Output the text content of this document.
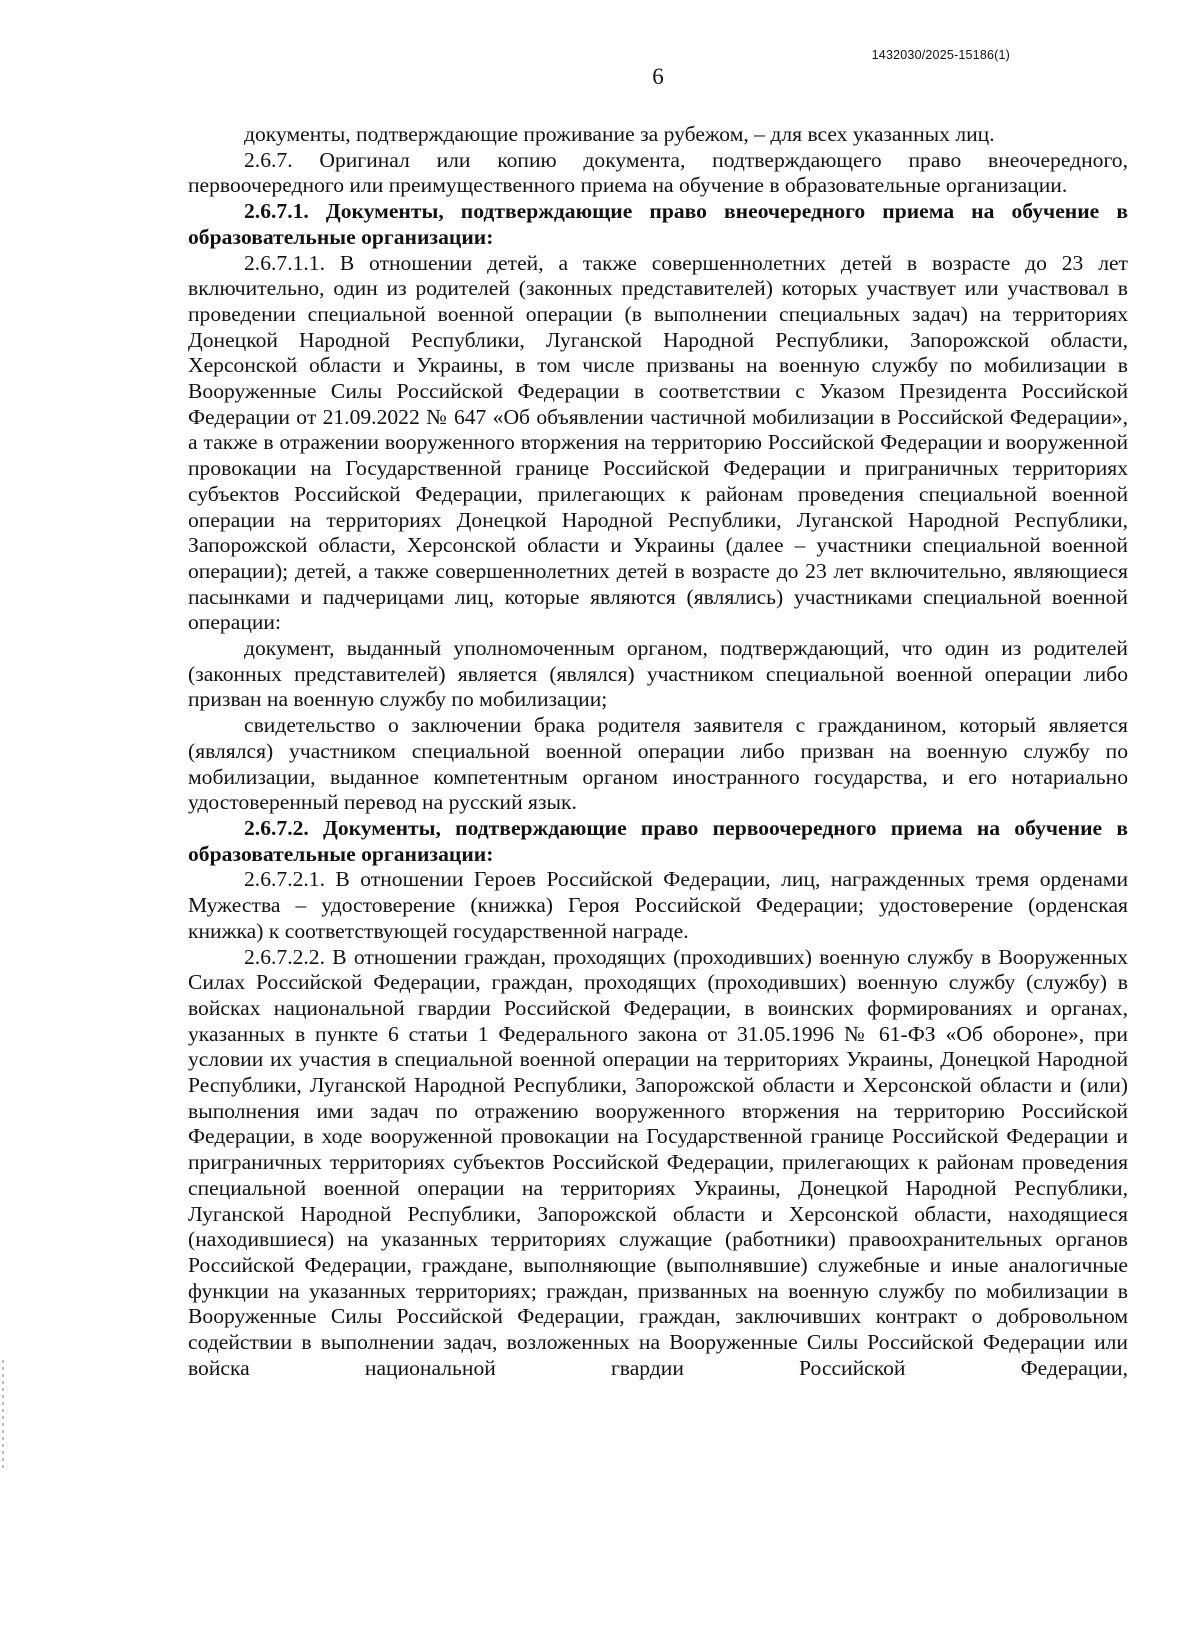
1432030/2025-15186(1)
6

документы, подтверждающие проживание за рубежом, – для всех указанных лиц.

2.6.7. Оригинал или копию документа, подтверждающего право внеочередного, первоочередного или преимущественного приема на обучение в образовательные организации.

2.6.7.1. Документы, подтверждающие право внеочередного приема на обучение в образовательные организации:

2.6.7.1.1. В отношении детей, а также совершеннолетних детей в возрасте до 23 лет включительно, один из родителей (законных представителей) которых участвует или участвовал в проведении специальной военной операции (в выполнении специальных задач) на территориях Донецкой Народной Республики, Луганской Народной Республики, Запорожской области, Херсонской области и Украины, в том числе призваны на военную службу по мобилизации в Вооруженные Силы Российской Федерации в соответствии с Указом Президента Российской Федерации от 21.09.2022 № 647 «Об объявлении частичной мобилизации в Российской Федерации», а также в отражении вооруженного вторжения на территорию Российской Федерации и вооруженной провокации на Государственной границе Российской Федерации и приграничных территориях субъектов Российской Федерации, прилегающих к районам проведения специальной военной операции на территориях Донецкой Народной Республики, Луганской Народной Республики, Запорожской области, Херсонской области и Украины (далее – участники специальной военной операции); детей, а также совершеннолетних детей в возрасте до 23 лет включительно, являющиеся пасынками и падчерицами лиц, которые являются (являлись) участниками специальной военной операции:

документ, выданный уполномоченным органом, подтверждающий, что один из родителей (законных представителей) является (являлся) участником специальной военной операции либо призван на военную службу по мобилизации;

свидетельство о заключении брака родителя заявителя с гражданином, который является (являлся) участником специальной военной операции либо призван на военную службу по мобилизации, выданное компетентным органом иностранного государства, и его нотариально удостоверенный перевод на русский язык.

2.6.7.2. Документы, подтверждающие право первоочередного приема на обучение в образовательные организации:

2.6.7.2.1. В отношении Героев Российской Федерации, лиц, награжденных тремя орденами Мужества – удостоверение (книжка) Героя Российской Федерации; удостоверение (орденская книжка) к соответствующей государственной награде.

2.6.7.2.2. В отношении граждан, проходящих (проходивших) военную службу в Вооруженных Силах Российской Федерации, граждан, проходящих (проходивших) военную службу (службу) в войсках национальной гвардии Российской Федерации, в воинских формированиях и органах, указанных в пункте 6 статьи 1 Федерального закона от 31.05.1996 № 61-ФЗ «Об обороне», при условии их участия в специальной военной операции на территориях Украины, Донецкой Народной Республики, Луганской Народной Республики, Запорожской области и Херсонской области и (или) выполнения ими задач по отражению вооруженного вторжения на территорию Российской Федерации, в ходе вооруженной провокации на Государственной границе Российской Федерации и приграничных территориях субъектов Российской Федерации, прилегающих к районам проведения специальной военной операции на территориях Украины, Донецкой Народной Республики, Луганской Народной Республики, Запорожской области и Херсонской области, находящиеся (находившиеся) на указанных территориях служащие (работники) правоохранительных органов Российской Федерации, граждане, выполняющие (выполнявшие) служебные и иные аналогичные функции на указанных территориях; граждан, призванных на военную службу по мобилизации в Вооруженные Силы Российской Федерации, граждан, заключивших контракт о добровольном содействии в выполнении задач, возложенных на Вооруженные Силы Российской Федерации или войска национальной гвардии Российской Федерации,
